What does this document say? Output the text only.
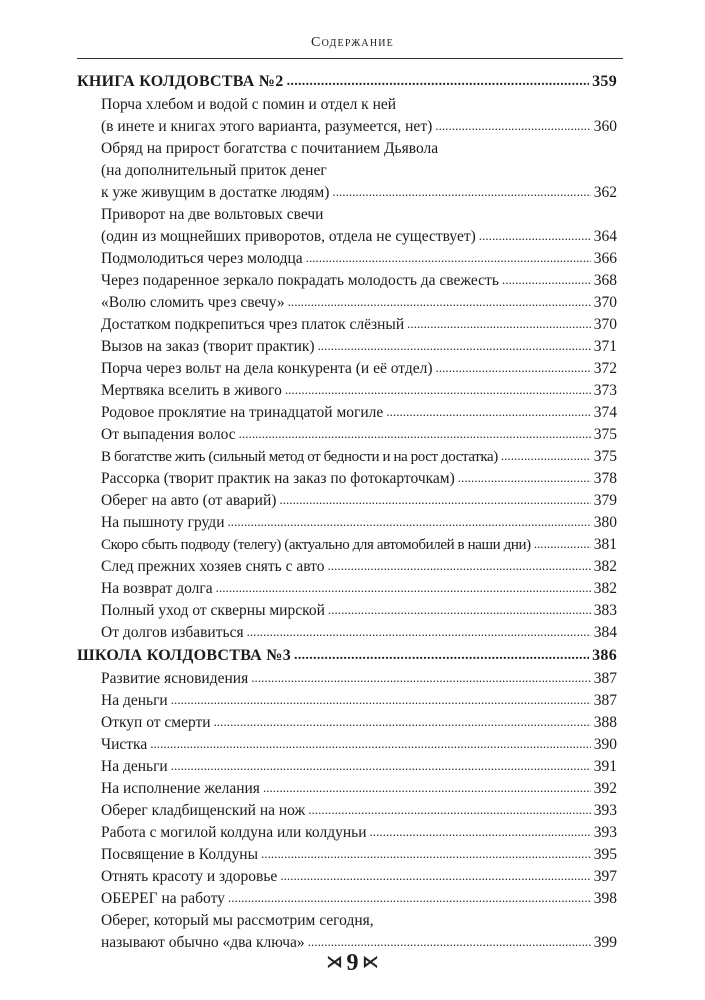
Содержание
КНИГА КОЛДОВСТВА №2 . . .	359
Порча хлебом и водой с помин и отдел к ней
(в инете и книгах этого варианта, разумеется, нет) . . .	360
Обряд на прирост богатства с почитанием Дьявола
(на дополнительный приток денег
к уже живущим в достатке людям) . . .	362
Приворот на две вольтовых свечи
(один из мощнейших приворотов, отдела не существует) . . .	364
Подмолодиться через молодца . . .	366
Через подаренное зеркало покрадать молодость да свежесть . . .	368
«Волю сломить чрез свечу» . . .	370
Достатком подкрепиться чрез платок слёзный . . .	370
Вызов на заказ (творит практик) . . .	371
Порча через вольт на дела конкурента (и её отдел) . . .	372
Мертвяка вселить в живого . . .	373
Родовое проклятие на тринадцатой могиле . . .	374
От выпадения волос . . .	375
В богатстве жить (сильный метод от бедности и на рост достатка) . . .	375
Рассорка (творит практик на заказ по фотокарточкам) . . .	378
Оберег на авто (от аварий) . . .	379
На пышноту груди . . .	380
Скоро сбыть подводу (телегу) (актуально для автомобилей в наши дни) . . .	381
След прежних хозяев снять с авто . . .	382
На возврат долга . . .	382
Полный уход от скверны мирской . . .	383
От долгов избавиться . . .	384
ШКОЛА КОЛДОВСТВА №3 . . .	386
Развитие ясновидения . . .	387
На деньги . . .	387
Откуп от смерти . . .	388
Чистка . . .	390
На деньги . . .	391
На исполнение желания . . .	392
Оберег кладбищенский на нож . . .	393
Работа с могилой колдуна или колдуньи . . .	393
Посвящение в Колдуны . . .	395
Отнять красоту и здоровье . . .	397
ОБЕРЕГ на работу . . .	398
Оберег, который мы рассмотрим сегодня,
называют обычно «два ключа» . . .	399
⋊ 9 ⋉
